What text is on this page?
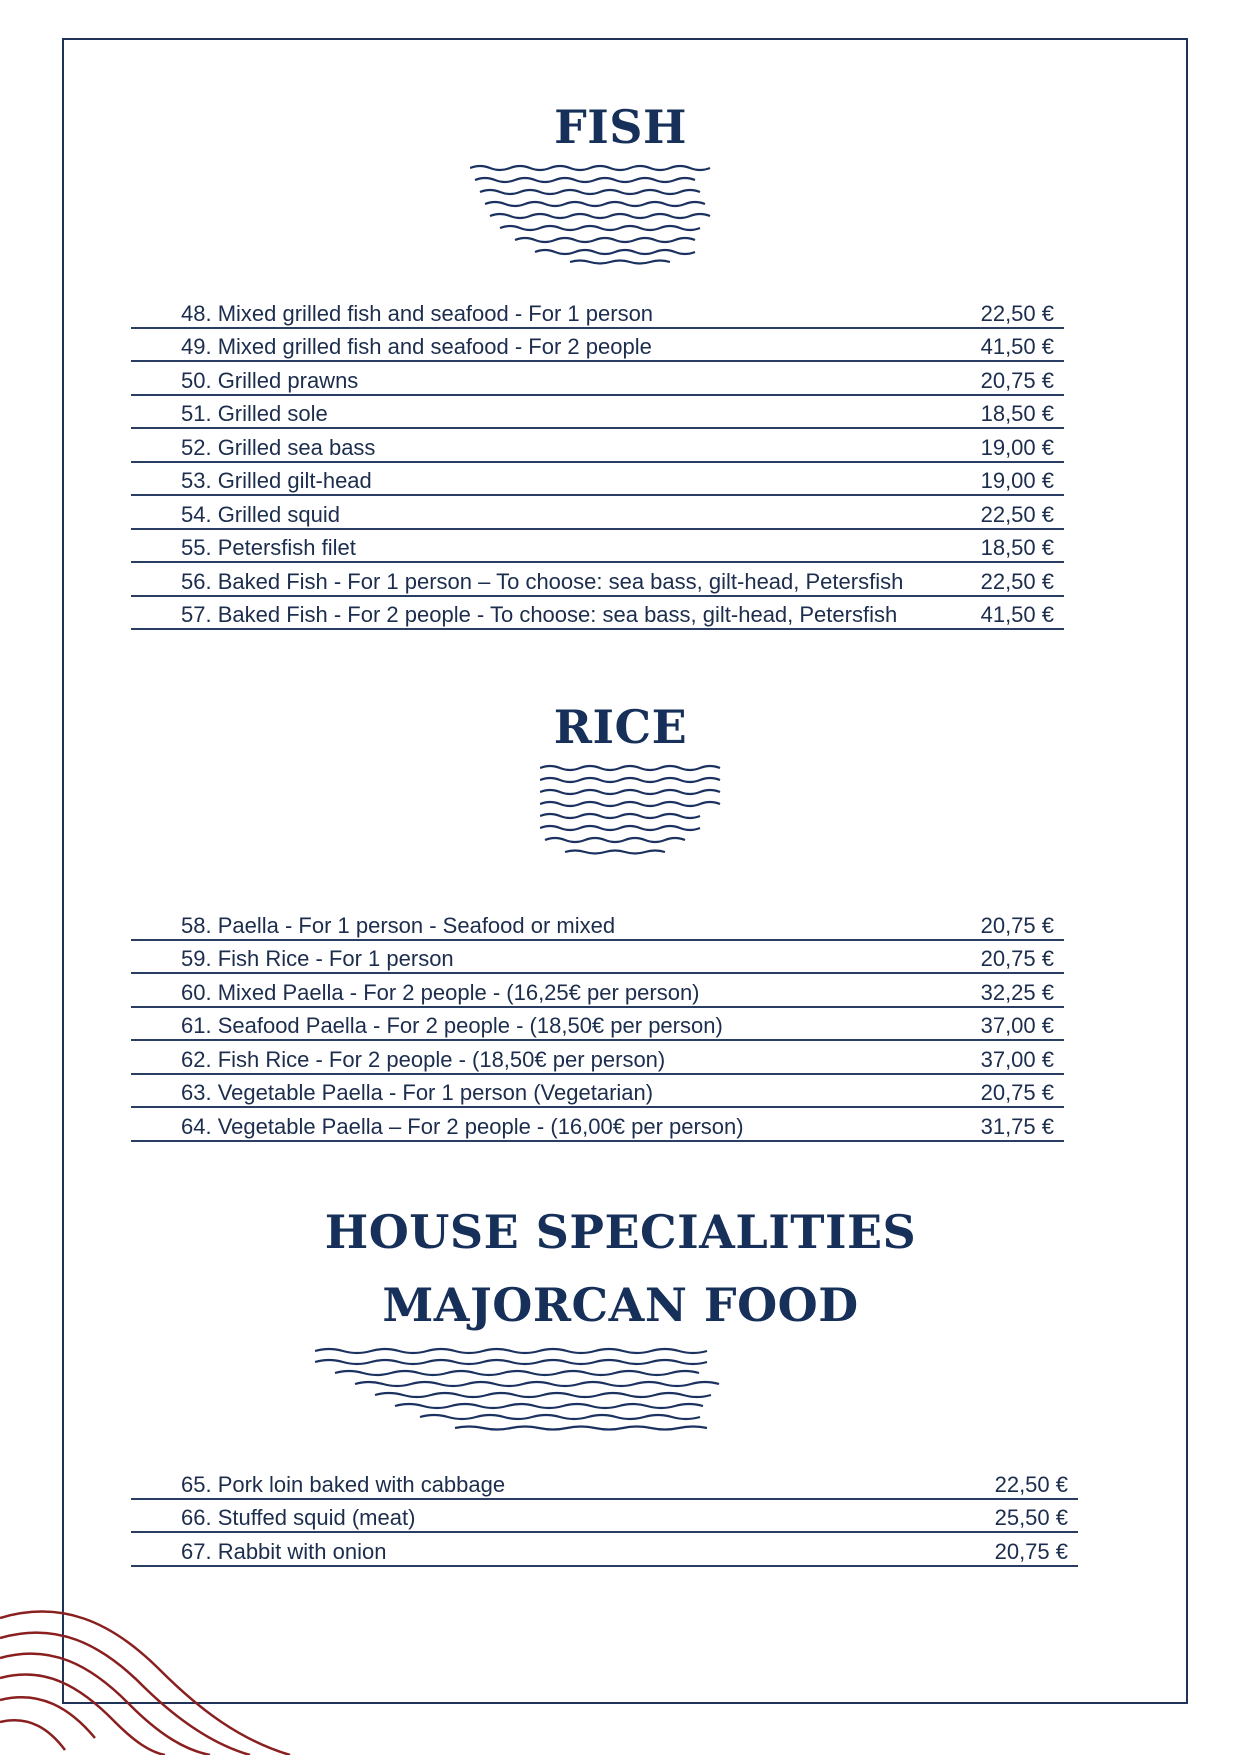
FISH
48. Mixed grilled fish and seafood - For 1 person	22,50 €
49. Mixed grilled fish and seafood - For 2 people	41,50 €
50. Grilled prawns	20,75 €
51. Grilled sole	18,50 €
52. Grilled sea bass	19,00 €
53. Grilled gilt-head	19,00 €
54. Grilled squid	22,50 €
55. Petersfish filet	18,50 €
56. Baked Fish - For 1 person – To choose: sea bass, gilt-head, Petersfish	22,50 €
57. Baked Fish - For 2 people - To choose: sea bass, gilt-head, Petersfish	41,50 €
RICE
58. Paella - For 1 person - Seafood or mixed	20,75 €
59. Fish Rice - For 1 person	20,75 €
60. Mixed Paella - For 2 people - (16,25€ per person)	32,25 €
61. Seafood Paella - For 2 people - (18,50€ per person)	37,00 €
62. Fish Rice - For 2 people - (18,50€ per person)	37,00 €
63. Vegetable Paella - For 1 person (Vegetarian)	20,75 €
64. Vegetable Paella – For 2 people - (16,00€ per person)	31,75 €
HOUSE SPECIALITIES
MAJORCAN FOOD
65. Pork loin baked with cabbage	22,50 €
66. Stuffed squid (meat)	25,50 €
67. Rabbit with onion	20,75 €
